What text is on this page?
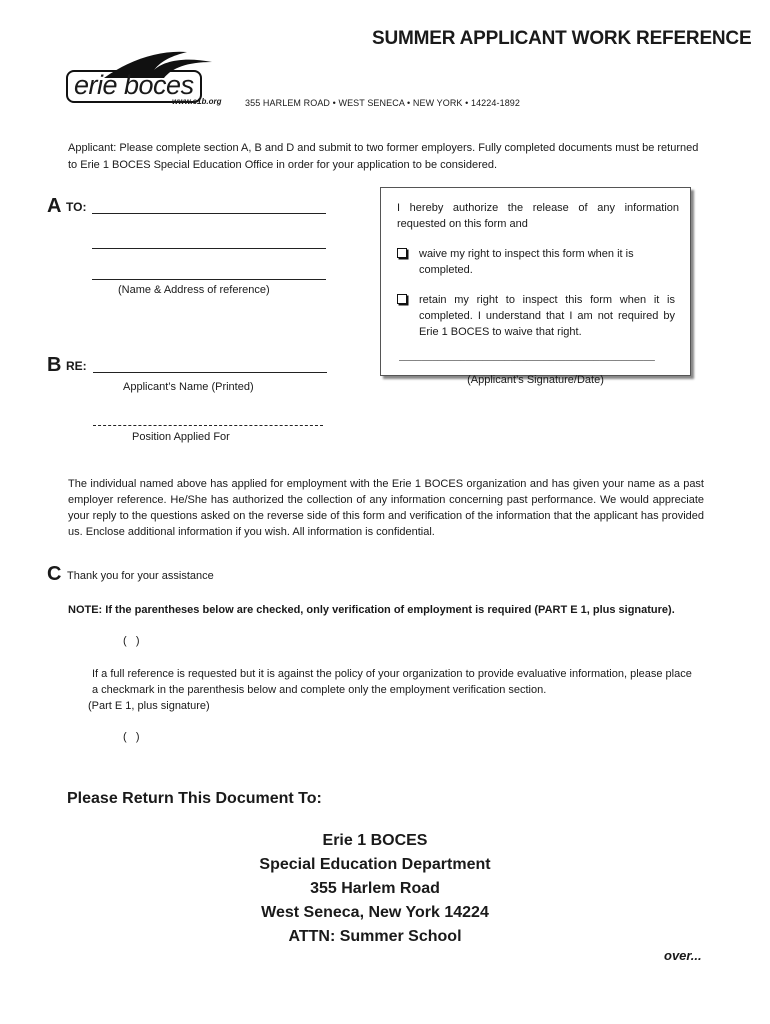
SUMMER APPLICANT WORK REFERENCE
erie boces
www.e1b.org	355 HARLEM ROAD • WEST SENECA • NEW YORK • 14224-1892
Applicant: Please complete section A, B and D and submit to two former employers. Fully completed documents must be returned to Erie 1 BOCES Special Education Office in order for your application to be considered.
A TO:
(Name & Address of reference)
B RE:
Applicant’s Name (Printed)
Position Applied For
I hereby authorize the release of any information requested on this form and
waive my right to inspect this form when it is completed.
retain my right to inspect this form when it is completed. I understand that I am not required by Erie 1 BOCES to waive that right.
______________________________________________
(Applicant’s Signature/Date)
The individual named above has applied for employment with the Erie 1 BOCES organization and has given your name as a past employer reference. He/She has authorized the collection of any information concerning past performance. We would appreciate your reply to the questions asked on the reverse side of this form and verification of the information that the applicant has provided us. Enclose additional information if you wish. All information is confidential.
C Thank you for your assistance
NOTE: If the parentheses below are checked, only verification of employment is required (PART E 1, plus signature).
(   )
If a full reference is requested but it is against the policy of your organization to provide evaluative information, please place a checkmark in the parenthesis below and complete only the employment verification section.
(Part E 1, plus signature)
(   )
Please Return This Document To:
Erie 1 BOCES
Special Education Department
355 Harlem Road
West Seneca, New York 14224
ATTN: Summer School
over...
